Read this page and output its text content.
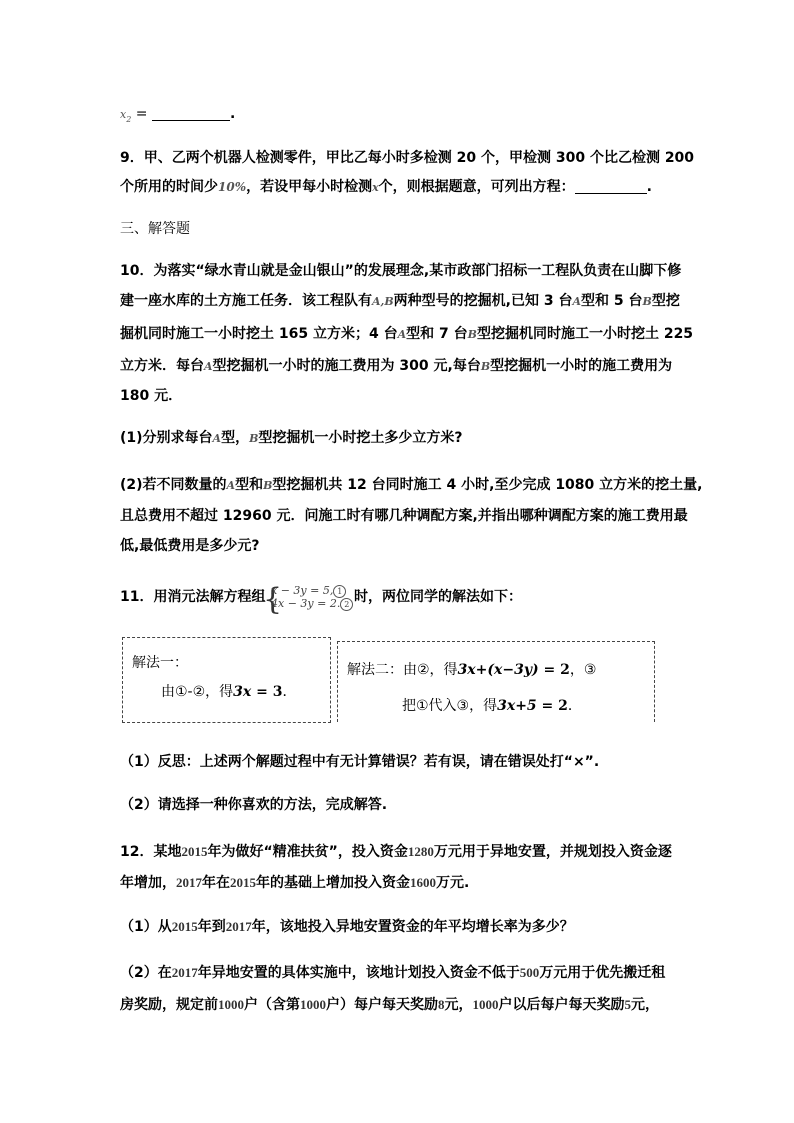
$x_2$ =	.
9．甲、乙两个机器人检测零件，甲比乙每小时多检测 20 个，甲检测 300 个比乙检测 200
个所用的时间少10%，若设甲每小时检测x个，则根据题意，可列出方程：	.
三、解答题
10．为落实“绿水青山就是金山银山”的发展理念,某市政部门招标一工程队负责在山脚下修
建一座水库的土方施工任务．该工程队有A,B两种型号的挖掘机,已知 3 台A型和 5 台B型挖
掘机同时施工一小时挖土 165 立方米；4 台A型和 7 台B型挖掘机同时施工一小时挖土 225
立方米．每台A型挖掘机一小时的施工费用为 300 元,每台B型挖掘机一小时的施工费用为
180 元．
(1)分别求每台A型，B型挖掘机一小时挖土多少立方米?
(2)若不同数量的A型和B型挖掘机共 12 台同时施工 4 小时,至少完成 1080 立方米的挖土量,
且总费用不超过 12960 元．问施工时有哪几种调配方案,并指出哪种调配方案的施工费用最
低,最低费用是多少元?
11．用消元法解方程组
{
x − 3y = 5, 1
4x − 3y = 2. 2 时，两位同学的解法如下：
解法一：
由①-②，得3x = 3．
解法二：由②，得3x+(x−3y) = 2，③
把①代入③，得3x+5 = 2．
（1）反思：上述两个解题过程中有无计算错误？若有误，请在错误处打“×”.
（2）请选择一种你喜欢的方法，完成解答.
12．某地2015年为做好“精准扶贫”，投入资金1280万元用于异地安置，并规划投入资金逐
年增加，2017年在2015年的基础上增加投入资金1600万元.
（1）从2015年到2017年，该地投入异地安置资金的年平均增长率为多少？
（2）在2017年异地安置的具体实施中，该地计划投入资金不低于500万元用于优先搬迁租
房奖励，规定前1000户（含第1000户）每户每天奖励8元，1000户以后每户每天奖励5元，
